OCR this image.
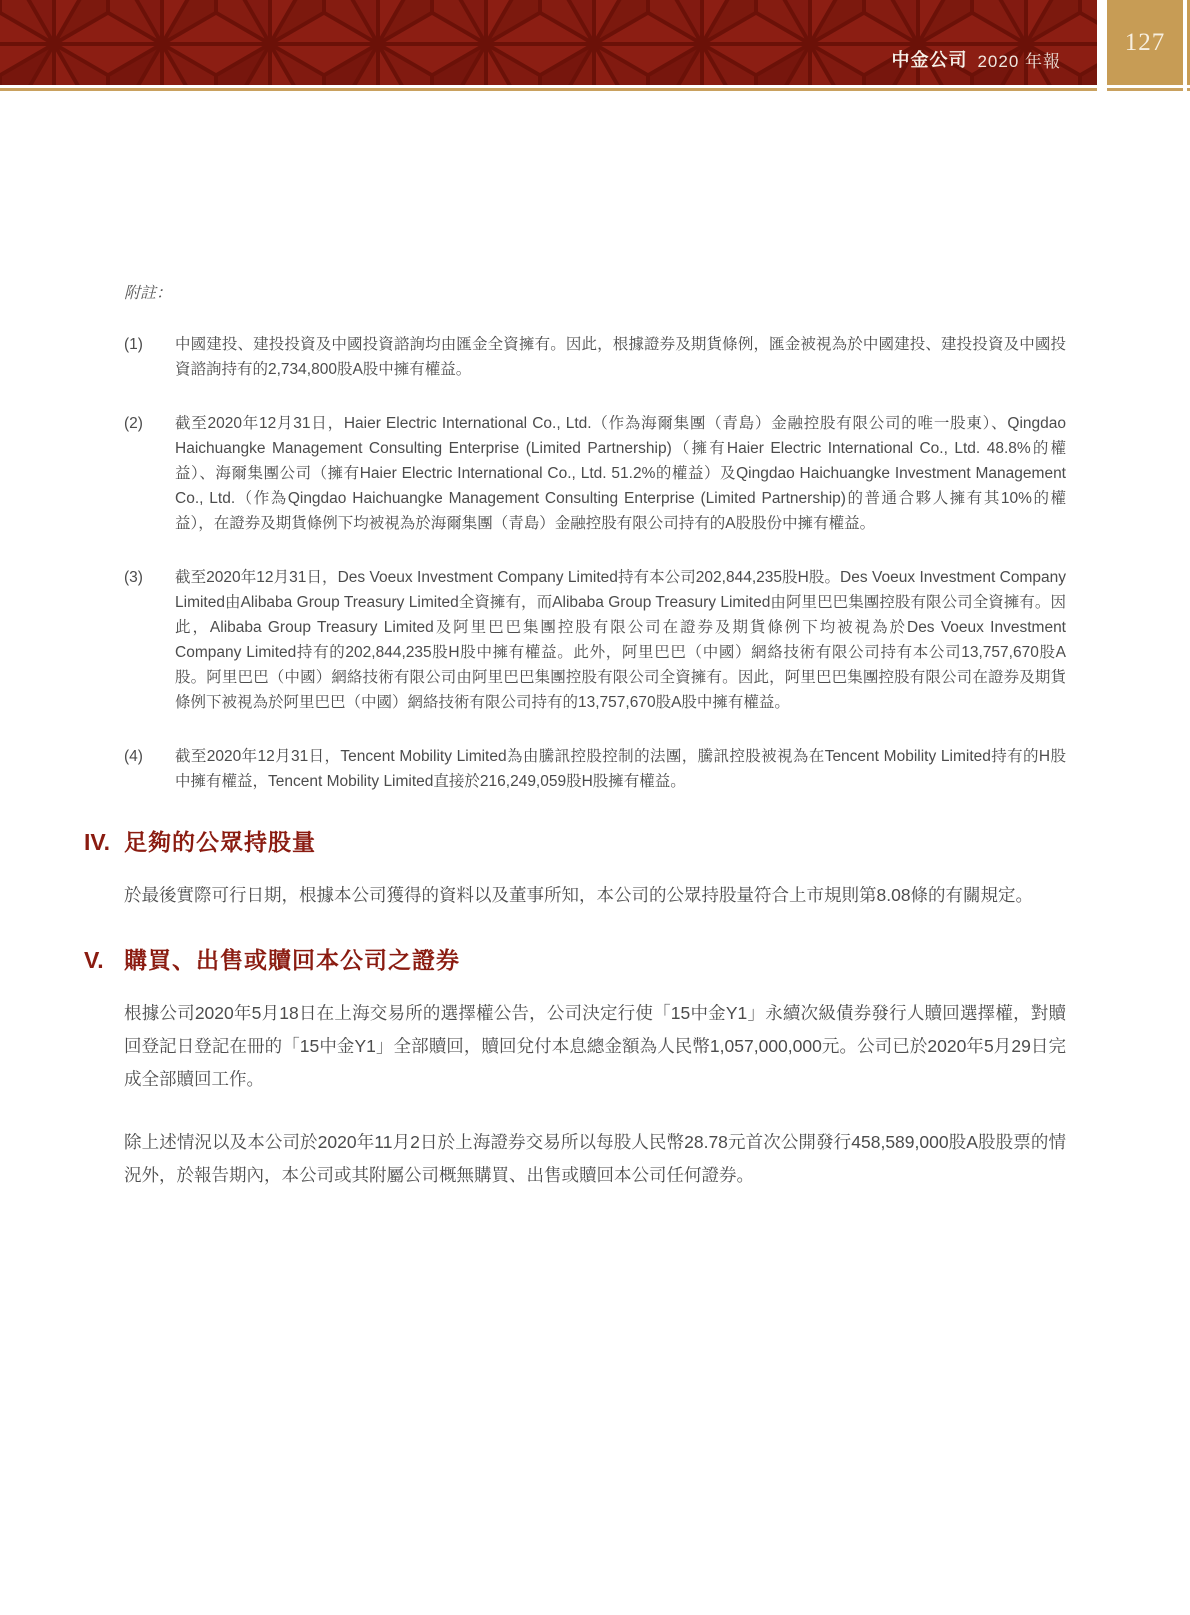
中金公司 2020 年報
127
附註：
(1)	中國建投、建投投資及中國投資諮詢均由匯金全資擁有。因此，根據證券及期貨條例，匯金被視為於中國建投、建投投資及中國投資諮詢持有的2,734,800股A股中擁有權益。
(2)	截至2020年12月31日，Haier Electric International Co., Ltd.（作為海爾集團（青島）金融控股有限公司的唯一股東）、Qingdao Haichuangke Management Consulting Enterprise (Limited Partnership)（擁有Haier Electric International Co., Ltd. 48.8%的權益）、海爾集團公司（擁有Haier Electric International Co., Ltd. 51.2%的權益）及Qingdao Haichuangke Investment Management Co., Ltd.（作為Qingdao Haichuangke Management Consulting Enterprise (Limited Partnership)的普通合夥人擁有其10%的權益），在證券及期貨條例下均被視為於海爾集團（青島）金融控股有限公司持有的A股股份中擁有權益。
(3)	截至2020年12月31日，Des Voeux Investment Company Limited持有本公司202,844,235股H股。Des Voeux Investment Company Limited由Alibaba Group Treasury Limited全資擁有，而Alibaba Group Treasury Limited由阿里巴巴集團控股有限公司全資擁有。因此，Alibaba Group Treasury Limited及阿里巴巴集團控股有限公司在證券及期貨條例下均被視為於Des Voeux Investment Company Limited持有的202,844,235股H股中擁有權益。此外，阿里巴巴（中國）網絡技術有限公司持有本公司13,757,670股A股。阿里巴巴（中國）網絡技術有限公司由阿里巴巴集團控股有限公司全資擁有。因此，阿里巴巴集團控股有限公司在證券及期貨條例下被視為於阿里巴巴（中國）網絡技術有限公司持有的13,757,670股A股中擁有權益。
(4)	截至2020年12月31日，Tencent Mobility Limited為由騰訊控股控制的法團，騰訊控股被視為在Tencent Mobility Limited持有的H股中擁有權益，Tencent Mobility Limited直接於216,249,059股H股擁有權益。
IV. 足夠的公眾持股量
於最後實際可行日期，根據本公司獲得的資料以及董事所知，本公司的公眾持股量符合上市規則第8.08條的有關規定。
V. 購買、出售或贖回本公司之證券
根據公司2020年5月18日在上海交易所的選擇權公告，公司決定行使「15中金Y1」永續次級債券發行人贖回選擇權，對贖回登記日登記在冊的「15中金Y1」全部贖回，贖回兌付本息總金額為人民幣1,057,000,000元。公司已於2020年5月29日完成全部贖回工作。
除上述情況以及本公司於2020年11月2日於上海證券交易所以每股人民幣28.78元首次公開發行458,589,000股A股股票的情況外，於報告期內，本公司或其附屬公司概無購買、出售或贖回本公司任何證券。
